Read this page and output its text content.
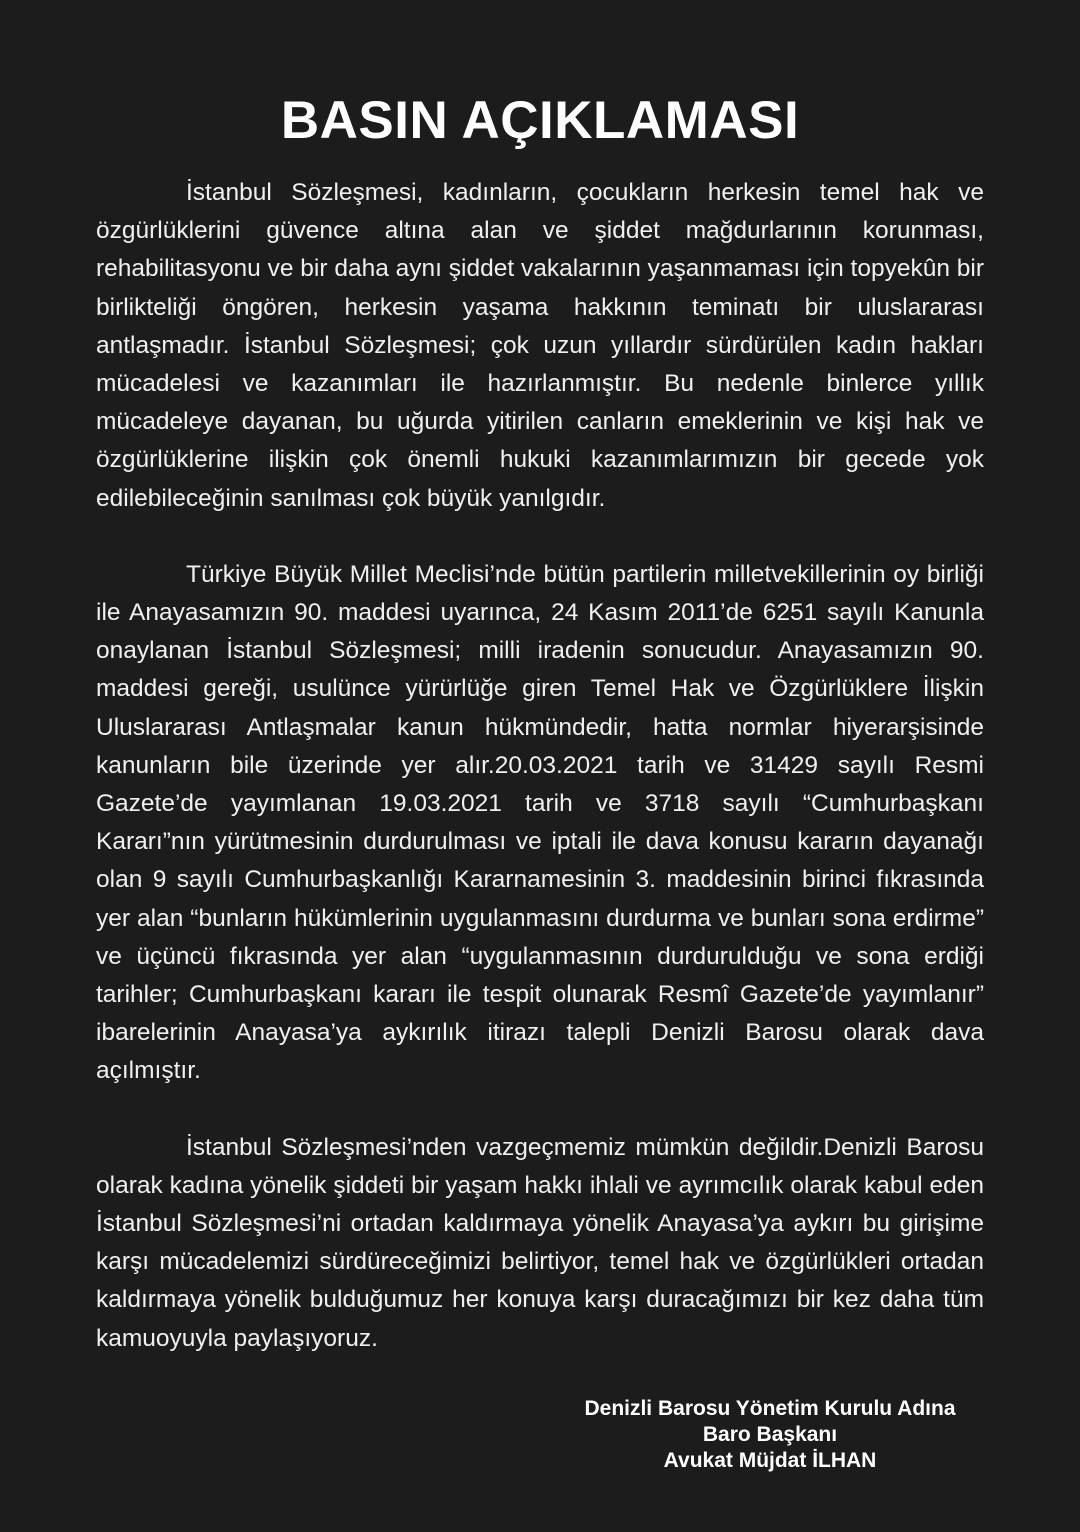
BASIN AÇIKLAMASI

İstanbul Sözleşmesi, kadınların, çocukların herkesin temel hak ve özgürlüklerini güvence altına alan ve şiddet mağdurlarının korunması, rehabilitasyonu ve bir daha aynı şiddet vakalarının yaşanmaması için topyekûn bir birlikteliği öngören, herkesin yaşama hakkının teminatı bir uluslararası antlaşmadır. İstanbul Sözleşmesi; çok uzun yıllardır sürdürülen kadın hakları mücadelesi ve kazanımları ile hazırlanmıştır. Bu nedenle binlerce yıllık mücadeleye dayanan, bu uğurda yitirilen canların emeklerinin ve kişi hak ve özgürlüklerine ilişkin çok önemli hukuki kazanımlarımızın bir gecede yok edilebileceğinin sanılması çok büyük yanılgıdır.

Türkiye Büyük Millet Meclisi’nde bütün partilerin milletvekillerinin oy birliği ile Anayasamızın 90. maddesi uyarınca, 24 Kasım 2011’de 6251 sayılı Kanunla onaylanan İstanbul Sözleşmesi; milli iradenin sonucudur. Anayasamızın 90. maddesi gereği, usulünce yürürlüğe giren Temel Hak ve Özgürlüklere İlişkin Uluslararası Antlaşmalar kanun hükmündedir, hatta normlar hiyerarşisinde kanunların bile üzerinde yer alır.20.03.2021 tarih ve 31429 sayılı Resmi Gazete’de yayımlanan 19.03.2021 tarih ve 3718 sayılı “Cumhurbaşkanı Kararı”nın yürütmesinin durdurulması ve iptali ile dava konusu kararın dayanağı olan 9 sayılı Cumhurbaşkanlığı Kararnamesinin 3. maddesinin birinci fıkrasında yer alan “bunların hükümlerinin uygulanmasını durdurma ve bunları sona erdirme” ve üçüncü fıkrasında yer alan “uygulanmasının durdurulduğu ve sona erdiği tarihler; Cumhurbaşkanı kararı ile tespit olunarak Resmî Gazete’de yayımlanır” ibarelerinin Anayasa’ya aykırılık itirazı talepli Denizli Barosu olarak dava açılmıştır.

İstanbul Sözleşmesi’nden vazgeçmemiz mümkün değildir.Denizli Barosu olarak kadına yönelik şiddeti bir yaşam hakkı ihlali ve ayrımcılık olarak kabul eden İstanbul Sözleşmesi’ni ortadan kaldırmaya yönelik Anayasa’ya aykırı bu girişime karşı mücadelemizi sürdüreceğimizi belirtiyor, temel hak ve özgürlükleri ortadan kaldırmaya yönelik bulduğumuz her konuya karşı duracağımızı bir kez daha tüm kamuoyuyla paylaşıyoruz.

Denizli Barosu Yönetim Kurulu Adına
Baro Başkanı
Avukat Müjdat İLHAN
